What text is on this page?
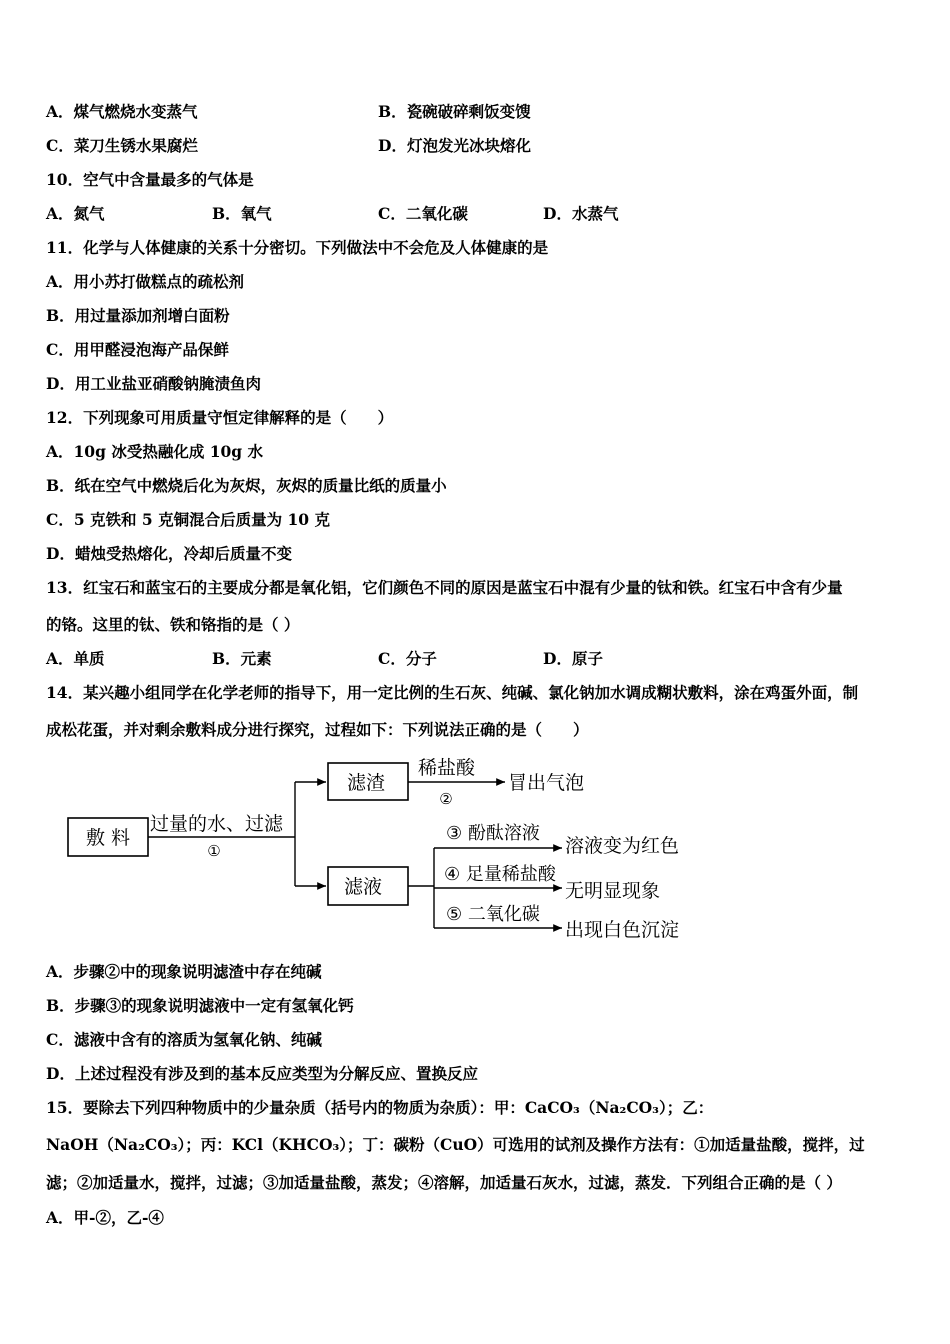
A．煤气燃烧水变蒸气	B．瓷碗破碎剩饭变馊
C．菜刀生锈水果腐烂	D．灯泡发光冰块熔化
10．空气中含量最多的气体是
A．氮气	B．氧气	C．二氧化碳	D．水蒸气
11．化学与人体健康的关系十分密切。下列做法中不会危及人体健康的是
A．用小苏打做糕点的疏松剂
B．用过量添加剂增白面粉
C．用甲醛浸泡海产品保鲜
D．用工业盐亚硝酸钠腌渍鱼肉
12．下列现象可用质量守恒定律解释的是（　　）
A．10g 冰受热融化成 10g 水
B．纸在空气中燃烧后化为灰烬，灰烬的质量比纸的质量小
C．5 克铁和 5 克铜混合后质量为 10 克
D．蜡烛受热熔化，冷却后质量不变
13．红宝石和蓝宝石的主要成分都是氧化铝，它们颜色不同的原因是蓝宝石中混有少量的钛和铁。红宝石中含有少量
的铬。这里的钛、铁和铬指的是（ ）
A．单质	B．元素	C．分子	D．原子
14．某兴趣小组同学在化学老师的指导下，用一定比例的生石灰、纯碱、氯化钠加水调成糊状敷料，涂在鸡蛋外面，制
成松花蛋，并对剩余敷料成分进行探究，过程如下：下列说法正确的是（　　）
敷 料
过量的水、过滤
①
滤渣
稀盐酸
②
冒出气泡
滤液
③ 酚酞溶液
溶液变为红色
④ 足量稀盐酸
无明显现象
⑤ 二氧化碳
出现白色沉淀
A．步骤②中的现象说明滤渣中存在纯碱
B．步骤③的现象说明滤液中一定有氢氧化钙
C．滤液中含有的溶质为氢氧化钠、纯碱
D．上述过程没有涉及到的基本反应类型为分解反应、置换反应
15．要除去下列四种物质中的少量杂质（括号内的物质为杂质）：甲：CaCO₃（Na₂CO₃）；乙：
NaOH（Na₂CO₃）；丙：KCl（KHCO₃）；丁：碳粉（CuO）可选用的试剂及操作方法有：①加适量盐酸，搅拌，过
滤；②加适量水，搅拌，过滤；③加适量盐酸，蒸发；④溶解，加适量石灰水，过滤，蒸发．下列组合正确的是（ ）
A．甲-②，乙-④
